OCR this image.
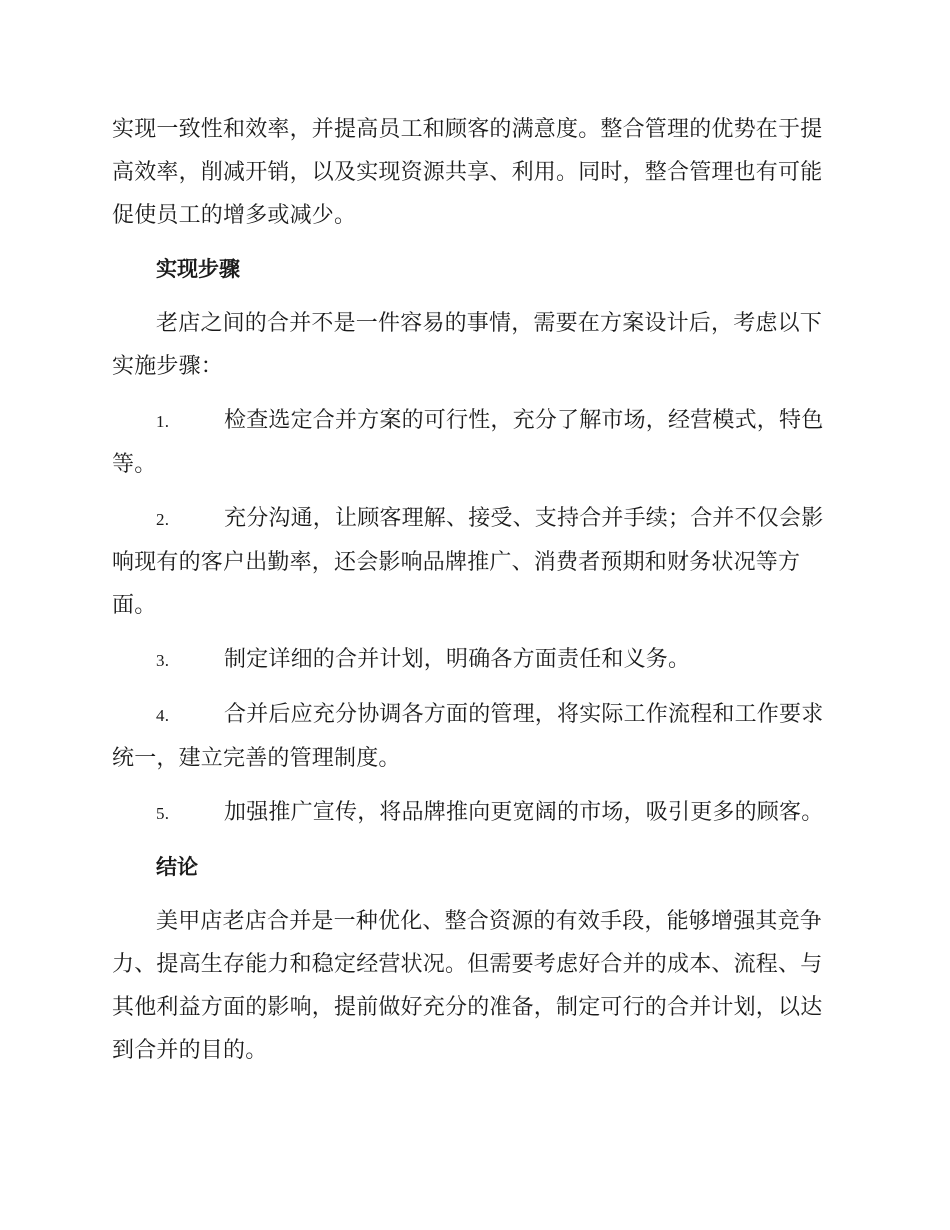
实现一致性和效率，并提高员工和顾客的满意度。整合管理的优势在于提高效率，削减开销，以及实现资源共享、利用。同时，整合管理也有可能促使员工的增多或减少。

实现步骤

老店之间的合并不是一件容易的事情，需要在方案设计后，考虑以下实施步骤：

1. 检查选定合并方案的可行性，充分了解市场，经营模式，特色等。
2. 充分沟通，让顾客理解、接受、支持合并手续；合并不仅会影响现有的客户出勤率，还会影响品牌推广、消费者预期和财务状况等方面。
3. 制定详细的合并计划，明确各方面责任和义务。
4. 合并后应充分协调各方面的管理，将实际工作流程和工作要求统一，建立完善的管理制度。
5. 加强推广宣传，将品牌推向更宽阔的市场，吸引更多的顾客。
结论

美甲店老店合并是一种优化、整合资源的有效手段，能够增强其竞争力、提高生存能力和稳定经营状况。但需要考虑好合并的成本、流程、与其他利益方面的影响，提前做好充分的准备，制定可行的合并计划，以达到合并的目的。
